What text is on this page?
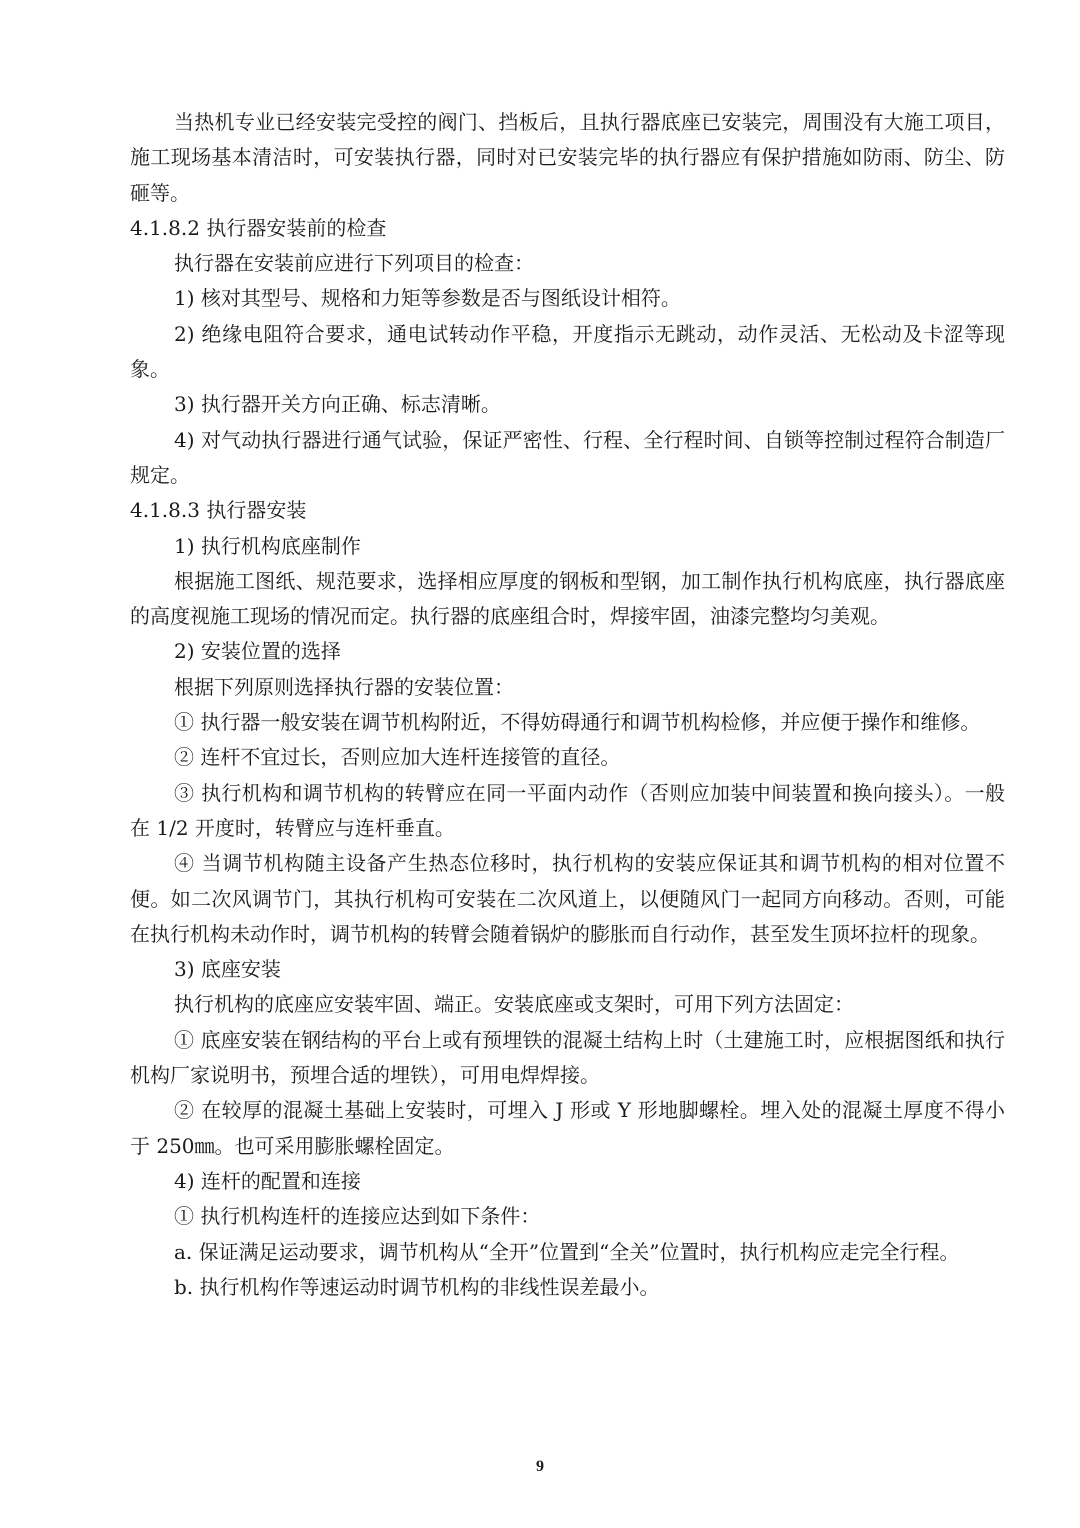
当热机专业已经安装完受控的阀门、挡板后，且执行器底座已安装完，周围没有大施工项目，施工现场基本清洁时，可安装执行器，同时对已安装完毕的执行器应有保护措施如防雨、防尘、防砸等。

4.1.8.2 执行器安装前的检查

执行器在安装前应进行下列项目的检查：

1) 核对其型号、规格和力矩等参数是否与图纸设计相符。

2) 绝缘电阻符合要求，通电试转动作平稳，开度指示无跳动，动作灵活、无松动及卡涩等现象。

3) 执行器开关方向正确、标志清晰。

4) 对气动执行器进行通气试验，保证严密性、行程、全行程时间、自锁等控制过程符合制造厂规定。

4.1.8.3 执行器安装

1) 执行机构底座制作

根据施工图纸、规范要求，选择相应厚度的钢板和型钢，加工制作执行机构底座，执行器底座的高度视施工现场的情况而定。执行器的底座组合时，焊接牢固，油漆完整均匀美观。

2) 安装位置的选择

根据下列原则选择执行器的安装位置：

① 执行器一般安装在调节机构附近，不得妨碍通行和调节机构检修，并应便于操作和维修。

② 连杆不宜过长，否则应加大连杆连接管的直径。

③ 执行机构和调节机构的转臂应在同一平面内动作（否则应加装中间装置和换向接头）。一般在 1/2 开度时，转臂应与连杆垂直。

④ 当调节机构随主设备产生热态位移时，执行机构的安装应保证其和调节机构的相对位置不便。如二次风调节门，其执行机构可安装在二次风道上，以便随风门一起同方向移动。否则，可能在执行机构未动作时，调节机构的转臂会随着锅炉的膨胀而自行动作，甚至发生顶坏拉杆的现象。

3) 底座安装

执行机构的底座应安装牢固、端正。安装底座或支架时，可用下列方法固定：

① 底座安装在钢结构的平台上或有预埋铁的混凝土结构上时（土建施工时，应根据图纸和执行机构厂家说明书，预埋合适的埋铁），可用电焊焊接。

② 在较厚的混凝土基础上安装时，可埋入 J 形或 Y 形地脚螺栓。埋入处的混凝土厚度不得小于 250㎜。也可采用膨胀螺栓固定。

4) 连杆的配置和连接

① 执行机构连杆的连接应达到如下条件：

a. 保证满足运动要求，调节机构从“全开”位置到“全关”位置时，执行机构应走完全行程。

b. 执行机构作等速运动时调节机构的非线性误差最小。

9
